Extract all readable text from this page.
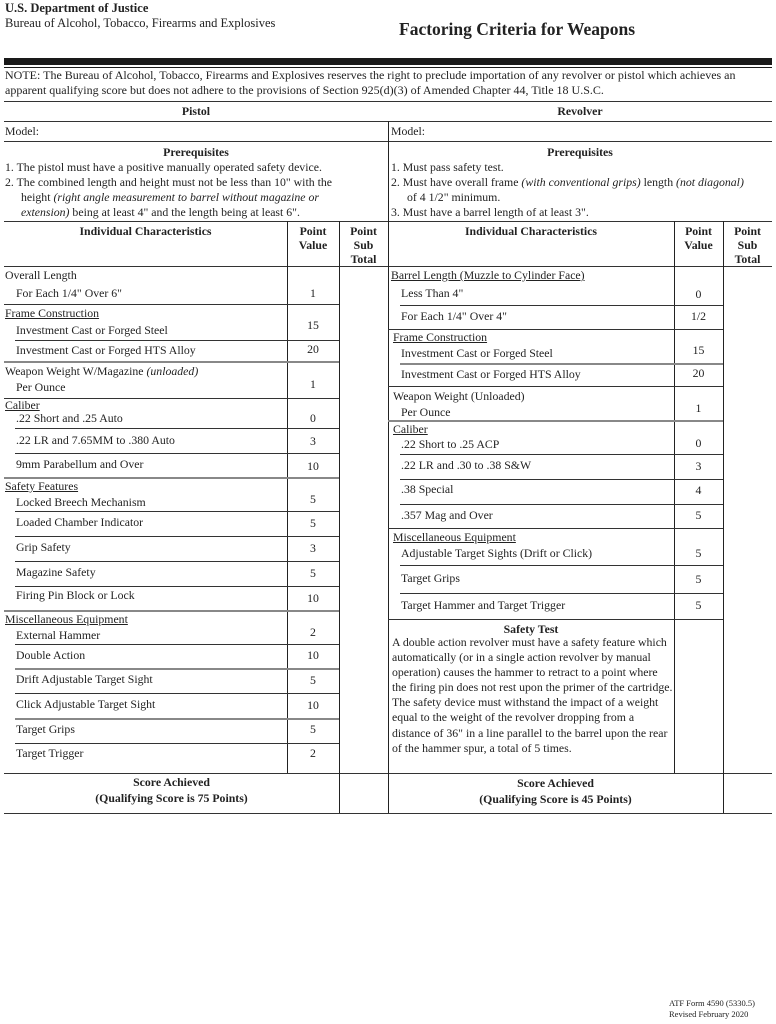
U.S. Department of Justice
Bureau of Alcohol, Tobacco, Firearms and Explosives	Factoring Criteria for Weapons
NOTE: The Bureau of Alcohol, Tobacco, Firearms and Explosives reserves the right to preclude importation of any revolver or pistol which achieves an apparent qualifying score but does not adhere to the provisions of Section 925(d)(3) of Amended Chapter 44, Title 18 U.S.C.
Pistol
Model:
Prerequisites
1. The pistol must have a positive manually operated safety device.
2. The combined length and height must not be less than 10" with the
height (right angle measurement to barrel without magazine or
extension) being at least 4" and the length being at least 6".
Individual Characteristics	Point
Value
Point
Sub
Total
Overall Length
For Each 1/4" Over 6"	1
Frame Construction
Investment Cast or Forged Steel	15
Investment Cast or Forged HTS Alloy	20
Weapon Weight W/Magazine (unloaded)
Per Ounce	1
Caliber
.22 Short and .25 Auto	0
.22 LR and 7.65MM to .380 Auto	3
9mm Parabellum and Over	10
Safety Features
Locked Breech Mechanism	5
Loaded Chamber Indicator	5
Grip Safety	3
Magazine Safety	5
Firing Pin Block or Lock	10
Miscellaneous Equipment
External Hammer	2
Double Action	10
Drift Adjustable Target Sight	5
Click Adjustable Target Sight	10
Target Grips	5
Target Trigger	2
Score Achieved
(Qualifying Score is 75 Points)
Revolver
Model:
Prerequisites
1. Must pass safety test.
2. Must have overall frame (with conventional grips) length (not diagonal)
of 4 1/2" minimum.
3. Must have a barrel length of at least 3".
Individual Characteristics	Point
Value
Point
Sub
Total
Barrel Length (Muzzle to Cylinder Face)
Less Than 4"	0
For Each 1/4" Over 4"	1/2
Frame Construction
Investment Cast or Forged Steel	15
Investment Cast or Forged HTS Alloy	20
Weapon Weight (Unloaded)
Per Ounce	1
Caliber
.22 Short to .25 ACP	0
.22 LR and .30 to .38 S&W	3
.38 Special	4
.357 Mag and Over	5
Miscellaneous Equipment
Adjustable Target Sights (Drift or Click)	5
Target Grips	5
Target Hammer and Target Trigger	5
Safety Test
A double action revolver must have a safety feature which automatically (or in a single action revolver by manual operation) causes the hammer to retract to a point where the firing pin does not rest upon the primer of the cartridge. The safety device must withstand the impact of a weight equal to the weight of the revolver dropping from a distance of 36" in a line parallel to the barrel upon the rear of the hammer spur, a total of 5 times.
Score Achieved
(Qualifying Score is 45 Points)
ATF Form 4590 (5330.5)
Revised February 2020
